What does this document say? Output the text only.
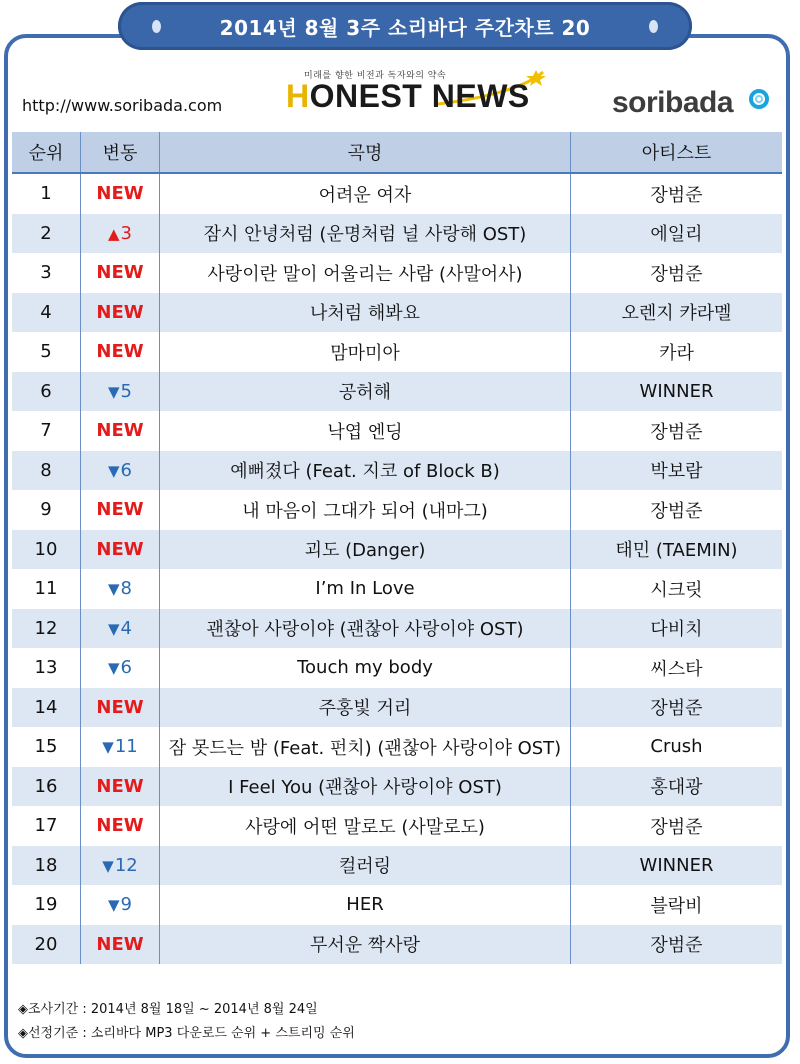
2014년 8월 3주 소리바다 주간차트 20
http://www.soribada.com
미래를 향한 비전과 독자와의 약속
HONEST NEWS	soribada
순위	변동	곡명	아티스트
1	NEW	어려운 여자	장범준
2	▲3	잠시 안녕처럼 (운명처럼 널 사랑해 OST)	에일리
3	NEW	사랑이란 말이 어울리는 사람 (사말어사)	장범준
4	NEW	나처럼 해봐요	오렌지 캬라멜
5	NEW	맘마미아	카라
6	▼5	공허해	WINNER
7	NEW	낙엽 엔딩	장범준
8	▼6	예뻐졌다 (Feat. 지코 of Block B)	박보람
9	NEW	내 마음이 그대가 되어 (내마그)	장범준
10	NEW	괴도 (Danger)	태민 (TAEMIN)
11	▼8	I’m In Love	시크릿
12	▼4	괜찮아 사랑이야 (괜찮아 사랑이야 OST)	다비치
13	▼6	Touch my body	씨스타
14	NEW	주홍빛 거리	장범준
15	▼11	잠 못드는 밤 (Feat. 펀치) (괜찮아 사랑이야 OST)	Crush
16	NEW	I Feel You (괜찮아 사랑이야 OST)	홍대광
17	NEW	사랑에 어떤 말로도 (사말로도)	장범준
18	▼12	컬러링	WINNER
19	▼9	HER	블락비
20	NEW	무서운 짝사랑	장범준
◈조사기간 : 2014년 8월 18일 ~ 2014년 8월 24일
◈선정기준 : 소리바다 MP3 다운로드 순위 + 스트리밍 순위
